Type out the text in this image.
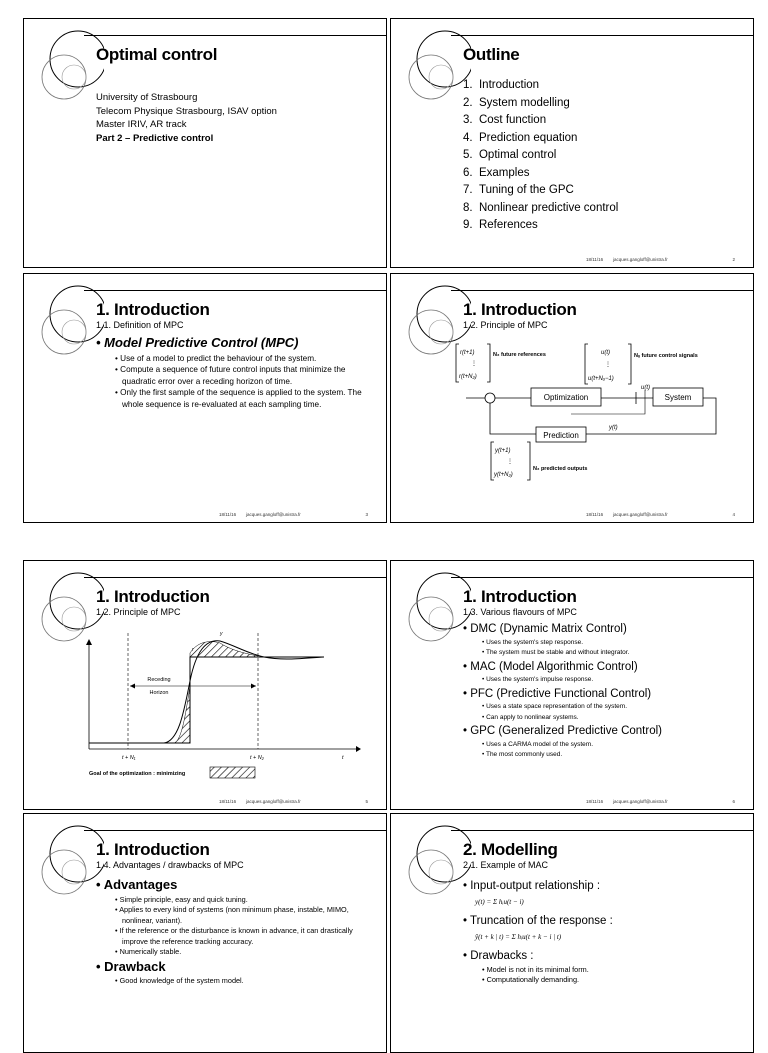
Optimal control
University of Strasbourg
Telecom Physique Strasbourg, ISAV option
Master IRIV, AR track
Part 2 – Predictive control
Outline
1.  Introduction
2.  System modelling
3.  Cost function
4.  Prediction equation
5.  Optimal control
6.  Examples
7.  Tuning of the GPC
8.  Nonlinear predictive control
9.  References
18/11/16 jacques.gangloff@unistra.fr	2
1. Introduction
1.1. Definition of MPC
• Model Predictive Control (MPC)
• Use of a model to predict the behaviour of the system.
• Compute a sequence of future control inputs that minimize the quadratic error over a receding horizon of time.
• Only the first sample of the sequence is applied to the system. The whole sequence is re-evaluated at each sampling time.
18/11/16 jacques.gangloff@unistra.fr	3
1. Introduction
1.2. Principle of MPC
r(t+1)
⋮
r(t+N₂)
N₂ future references	u(t)
⋮
u(t+Nᵤ−1)
Nᵤ future control signals
Optimization
u(t)
System
y(t)
Prediction
y(t+1)
⋮
y(t+N₂)
N₂ predicted outputs
18/11/16 jacques.gangloff@unistra.fr	4
1. Introduction
1.2. Principle of MPC
r
y
Receding
Horizon
t + N₁	t + N₂	t
Goal of the optimization : minimizing
18/11/16 jacques.gangloff@unistra.fr	5
1. Introduction
1.3. Various flavours of MPC
• DMC (Dynamic Matrix Control)
• Uses the system's step response.
• The system must be stable and without integrator.
• MAC (Model Algorithmic Control)
• Uses the system's impulse response.
• PFC (Predictive Functional Control)
• Uses a state space representation of the system.
• Can apply to nonlinear systems.
• GPC (Generalized Predictive Control)
• Uses a CARMA model of the system.
• The most commonly used.
18/11/16 jacques.gangloff@unistra.fr	6
1. Introduction
1.4. Advantages / drawbacks of MPC
• Advantages
• Simple principle, easy and quick tuning.
• Applies to every kind of systems (non minimum phase, instable, MIMO, nonlinear, variant).
• If the reference or the disturbance is known in advance, it can drastically improve the reference tracking accuracy.
• Numerically stable.
• Drawback
• Good knowledge of the system model.
2. Modelling
2.1. Example of MAC
• Input-output relationship :
y(t) = Σ hᵢu(t − i)
• Truncation of the response :
ŷ(t + k | t) = Σ hᵢu(t + k − i | t)
• Drawbacks :
• Model is not in its minimal form.
• Computationally demanding.
